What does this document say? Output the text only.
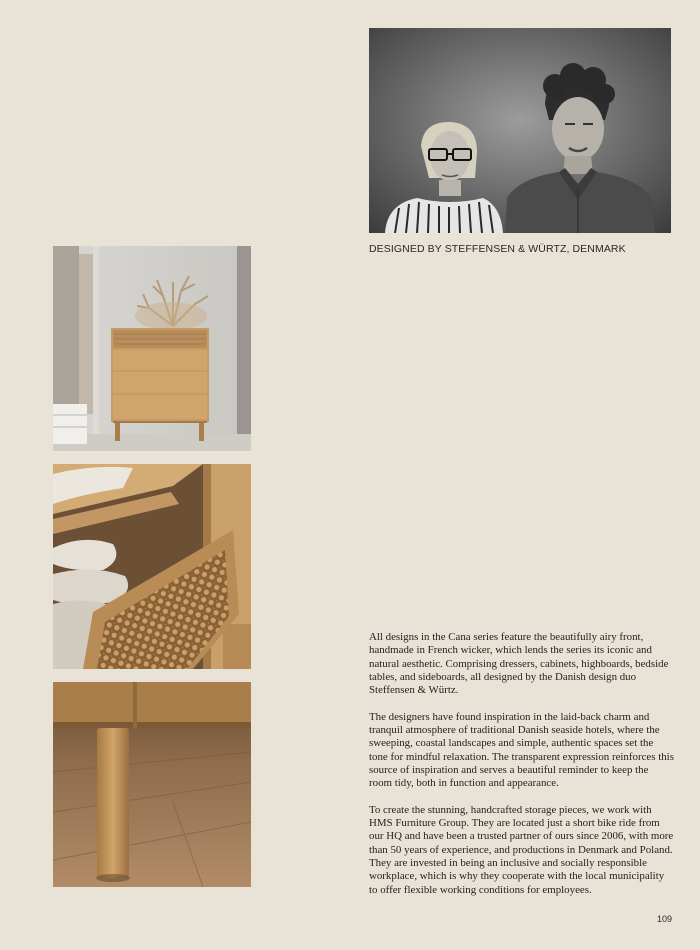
DESIGNED BY STEFFENSEN & WÜRTZ, DENMARK

All designs in the Cana series feature the beautifully airy front, handmade in French wicker, which lends the series its iconic and natural aesthetic. Comprising dressers, cabinets, highboards, bedside tables, and sideboards, all designed by the Danish design duo Steffensen & Würtz.

The designers have found inspiration in the laid-back charm and tranquil atmosphere of traditional Danish seaside hotels, where the sweeping, coastal landscapes and simple, authentic spaces set the tone for mindful relaxation. The transparent expression reinforces this source of inspiration and serves a beautiful reminder to keep the room tidy, both in function and appearance.

To create the stunning, handcrafted storage pieces, we work with HMS Furniture Group. They are located just a short bike ride from our HQ and have been a trusted partner of ours since 2006, with more than 50 years of experience, and productions in Denmark and Poland. They are invested in being an inclusive and socially responsible workplace, which is why they cooperate with the local municipality to offer flexible working conditions for employees.

109
